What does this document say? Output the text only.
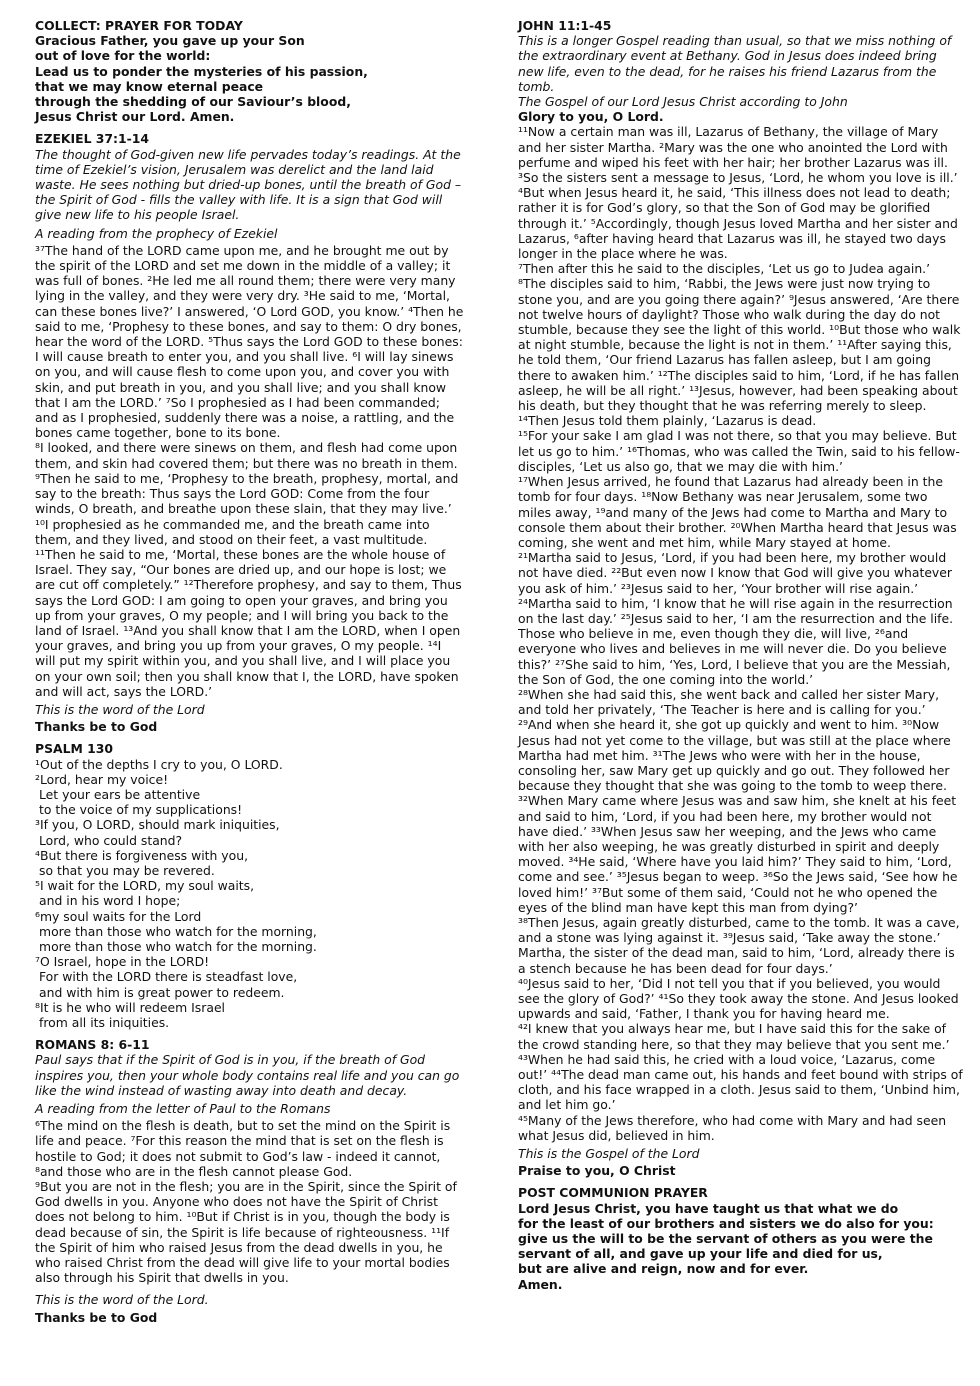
COLLECT: PRAYER FOR TODAY

Gracious Father, you gave up your Son

out of love for the world:

Lead us to ponder the mysteries of his passion,

that we may know eternal peace

through the shedding of our Saviour’s blood,

Jesus Christ our Lord. Amen.

EZEKIEL 37:1-14

The thought of God-given new life pervades today’s readings. At the time of Ezekiel’s vision, Jerusalem was derelict and the land laid waste. He sees nothing but dried-up bones, until the breath of God – the Spirit of God - fills the valley with life. It is a sign that God will give new life to his people Israel.

A reading from the prophecy of Ezekiel

³⁷The hand of the LORD came upon me, and he brought me out by the spirit of the LORD and set me down in the middle of a valley; it was full of bones. ²He led me all round them; there were very many lying in the valley, and they were very dry. ³He said to me, ‘Mortal, can these bones live?’ I answered, ‘O Lord GOD, you know.’ ⁴Then he said to me, ‘Prophesy to these bones, and say to them: O dry bones, hear the word of the LORD. ⁵Thus says the Lord GOD to these bones: I will cause breath to enter you, and you shall live. ⁶I will lay sinews on you, and will cause flesh to come upon you, and cover you with skin, and put breath in you, and you shall live; and you shall know that I am the LORD.’ ⁷So I prophesied as I had been commanded; and as I prophesied, suddenly there was a noise, a rattling, and the bones came together, bone to its bone.

⁸I looked, and there were sinews on them, and flesh had come upon them, and skin had covered them; but there was no breath in them. ⁹Then he said to me, ‘Prophesy to the breath, prophesy, mortal, and say to the breath: Thus says the Lord GOD: Come from the four winds, O breath, and breathe upon these slain, that they may live.’ ¹⁰I prophesied as he commanded me, and the breath came into them, and they lived, and stood on their feet, a vast multitude. ¹¹Then he said to me, ‘Mortal, these bones are the whole house of Israel. They say, “Our bones are dried up, and our hope is lost; we are cut off completely.” ¹²Therefore prophesy, and say to them, Thus says the Lord GOD: I am going to open your graves, and bring you up from your graves, O my people; and I will bring you back to the land of Israel. ¹³And you shall know that I am the LORD, when I open your graves, and bring you up from your graves, O my people. ¹⁴I will put my spirit within you, and you shall live, and I will place you on your own soil; then you shall know that I, the LORD, have spoken and will act, says the LORD.’

This is the word of the Lord

Thanks be to God

PSALM 130

¹Out of the depths I cry to you, O LORD.

²Lord, hear my voice!

Let your ears be attentive

to the voice of my supplications!

³If you, O LORD, should mark iniquities,

Lord, who could stand?

⁴But there is forgiveness with you,

so that you may be revered.

⁵I wait for the LORD, my soul waits,

and in his word I hope;

⁶my soul waits for the Lord

more than those who watch for the morning,

more than those who watch for the morning.

⁷O Israel, hope in the LORD!

For with the LORD there is steadfast love,

and with him is great power to redeem.

⁸It is he who will redeem Israel

from all its iniquities.

ROMANS 8: 6-11

Paul says that if the Spirit of God is in you, if the breath of God inspires you, then your whole body contains real life and you can go like the wind instead of wasting away into death and decay.

A reading from the letter of Paul to the Romans

⁶The mind on the flesh is death, but to set the mind on the Spirit is life and peace. ⁷For this reason the mind that is set on the flesh is hostile to God; it does not submit to God’s law - indeed it cannot, ⁸and those who are in the flesh cannot please God.

⁹But you are not in the flesh; you are in the Spirit, since the Spirit of God dwells in you. Anyone who does not have the Spirit of Christ does not belong to him. ¹⁰But if Christ is in you, though the body is dead because of sin, the Spirit is life because of righteousness. ¹¹If the Spirit of him who raised Jesus from the dead dwells in you, he who raised Christ from the dead will give life to your mortal bodies also through his Spirit that dwells in you.

This is the word of the Lord.

Thanks be to God

JOHN 11:1-45

This is a longer Gospel reading than usual, so that we miss nothing of the extraordinary event at Bethany. God in Jesus does indeed bring new life, even to the dead, for he raises his friend Lazarus from the tomb.

The Gospel of our Lord Jesus Christ according to John

Glory to you, O Lord.

¹¹Now a certain man was ill, Lazarus of Bethany, the village of Mary and her sister Martha. ²Mary was the one who anointed the Lord with perfume and wiped his feet with her hair; her brother Lazarus was ill. ³So the sisters sent a message to Jesus, ‘Lord, he whom you love is ill.’ ⁴But when Jesus heard it, he said, ‘This illness does not lead to death; rather it is for God’s glory, so that the Son of God may be glorified through it.’ ⁵Accordingly, though Jesus loved Martha and her sister and Lazarus, ⁶after having heard that Lazarus was ill, he stayed two days longer in the place where he was.

⁷Then after this he said to the disciples, ‘Let us go to Judea again.’

⁸The disciples said to him, ‘Rabbi, the Jews were just now trying to stone you, and are you going there again?’ ⁹Jesus answered, ‘Are there not twelve hours of daylight? Those who walk during the day do not stumble, because they see the light of this world. ¹⁰But those who walk at night stumble, because the light is not in them.’ ¹¹After saying this, he told them, ‘Our friend Lazarus has fallen asleep, but I am going there to awaken him.’ ¹²The disciples said to him, ‘Lord, if he has fallen asleep, he will be all right.’ ¹³Jesus, however, had been speaking about his death, but they thought that he was referring merely to sleep. ¹⁴Then Jesus told them plainly, ‘Lazarus is dead.

¹⁵For your sake I am glad I was not there, so that you may believe. But let us go to him.’ ¹⁶Thomas, who was called the Twin, said to his fellow-disciples, ‘Let us also go, that we may die with him.’

¹⁷When Jesus arrived, he found that Lazarus had already been in the tomb for four days. ¹⁸Now Bethany was near Jerusalem, some two miles away, ¹⁹and many of the Jews had come to Martha and Mary to console them about their brother. ²⁰When Martha heard that Jesus was coming, she went and met him, while Mary stayed at home.

²¹Martha said to Jesus, ‘Lord, if you had been here, my brother would not have died. ²²But even now I know that God will give you whatever you ask of him.’ ²³Jesus said to her, ‘Your brother will rise again.’

²⁴Martha said to him, ‘I know that he will rise again in the resurrection on the last day.’ ²⁵Jesus said to her, ‘I am the resurrection and the life. Those who believe in me, even though they die, will live, ²⁶and everyone who lives and believes in me will never die. Do you believe this?’ ²⁷She said to him, ‘Yes, Lord, I believe that you are the Messiah, the Son of God, the one coming into the world.’

²⁸When she had said this, she went back and called her sister Mary, and told her privately, ‘The Teacher is here and is calling for you.’

²⁹And when she heard it, she got up quickly and went to him. ³⁰Now Jesus had not yet come to the village, but was still at the place where Martha had met him. ³¹The Jews who were with her in the house, consoling her, saw Mary get up quickly and go out. They followed her because they thought that she was going to the tomb to weep there. ³²When Mary came where Jesus was and saw him, she knelt at his feet and said to him, ‘Lord, if you had been here, my brother would not have died.’ ³³When Jesus saw her weeping, and the Jews who came with her also weeping, he was greatly disturbed in spirit and deeply moved. ³⁴He said, ‘Where have you laid him?’ They said to him, ‘Lord, come and see.’ ³⁵Jesus began to weep. ³⁶So the Jews said, ‘See how he loved him!’ ³⁷But some of them said, ‘Could not he who opened the eyes of the blind man have kept this man from dying?’

³⁸Then Jesus, again greatly disturbed, came to the tomb. It was a cave, and a stone was lying against it. ³⁹Jesus said, ‘Take away the stone.’ Martha, the sister of the dead man, said to him, ‘Lord, already there is a stench because he has been dead for four days.’

⁴⁰Jesus said to her, ‘Did I not tell you that if you believed, you would see the glory of God?’ ⁴¹So they took away the stone. And Jesus looked upwards and said, ‘Father, I thank you for having heard me.

⁴²I knew that you always hear me, but I have said this for the sake of the crowd standing here, so that they may believe that you sent me.’

⁴³When he had said this, he cried with a loud voice, ‘Lazarus, come out!’ ⁴⁴The dead man came out, his hands and feet bound with strips of cloth, and his face wrapped in a cloth. Jesus said to them, ‘Unbind him, and let him go.’

⁴⁵Many of the Jews therefore, who had come with Mary and had seen what Jesus did, believed in him.

This is the Gospel of the Lord

Praise to you, O Christ

POST COMMUNION PRAYER

Lord Jesus Christ, you have taught us that what we do

for the least of our brothers and sisters we do also for you:

give us the will to be the servant of others as you were the

servant of all, and gave up your life and died for us,

but are alive and reign, now and for ever.

Amen.
